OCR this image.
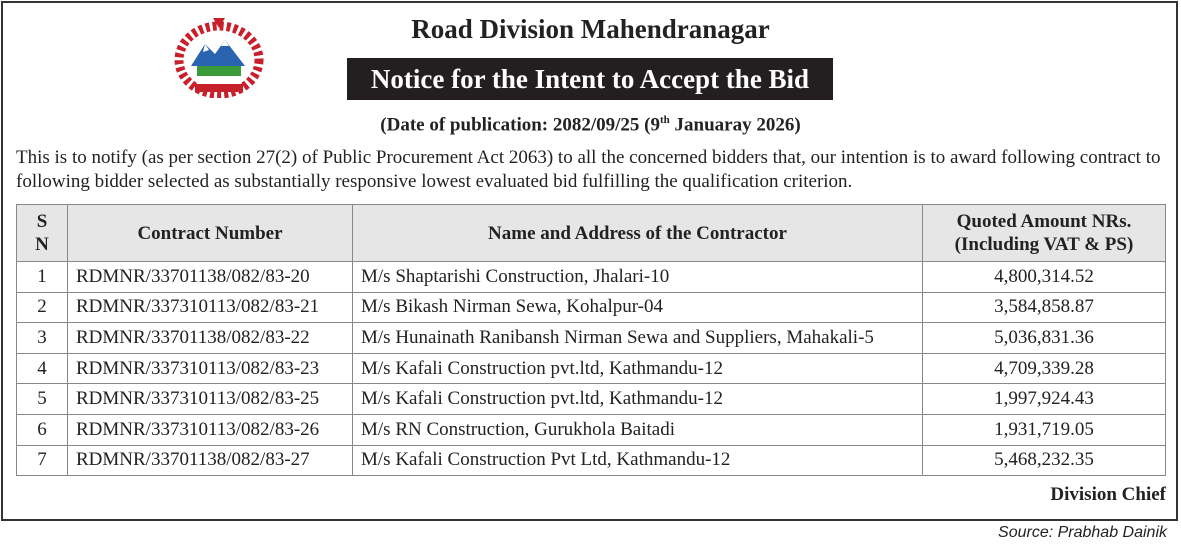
Road Division Mahendranagar
Notice for the Intent to Accept the Bid
(Date of publication: 2082/09/25 (9th Januaray 2026)
This is to notify (as per section 27(2) of Public Procurement Act 2063) to all the concerned bidders that, our intention is to award following contract to following bidder selected as substantially responsive lowest evaluated bid fulfilling the qualification criterion.
S N	Contract Number	Name and Address of the Contractor	Quoted Amount NRs.
(Including VAT & PS)

1	RDMNR/33701138/082/83-20	M/s Shaptarishi Construction, Jhalari-10	4,800,314.52
2	RDMNR/337310113/082/83-21	M/s Bikash Nirman Sewa, Kohalpur-04	3,584,858.87
3	RDMNR/33701138/082/83-22	M/s Hunainath Ranibansh Nirman Sewa and Suppliers, Mahakali-5	5,036,831.36
4	RDMNR/337310113/082/83-23	M/s Kafali Construction pvt.ltd, Kathmandu-12	4,709,339.28
5	RDMNR/337310113/082/83-25	M/s Kafali Construction pvt.ltd, Kathmandu-12	1,997,924.43
6	RDMNR/337310113/082/83-26	M/s RN Construction, Gurukhola Baitadi	1,931,719.05
7	RDMNR/33701138/082/83-27	M/s Kafali Construction Pvt Ltd, Kathmandu-12	5,468,232.35
Division Chief
Source: Prabhab Dainik
